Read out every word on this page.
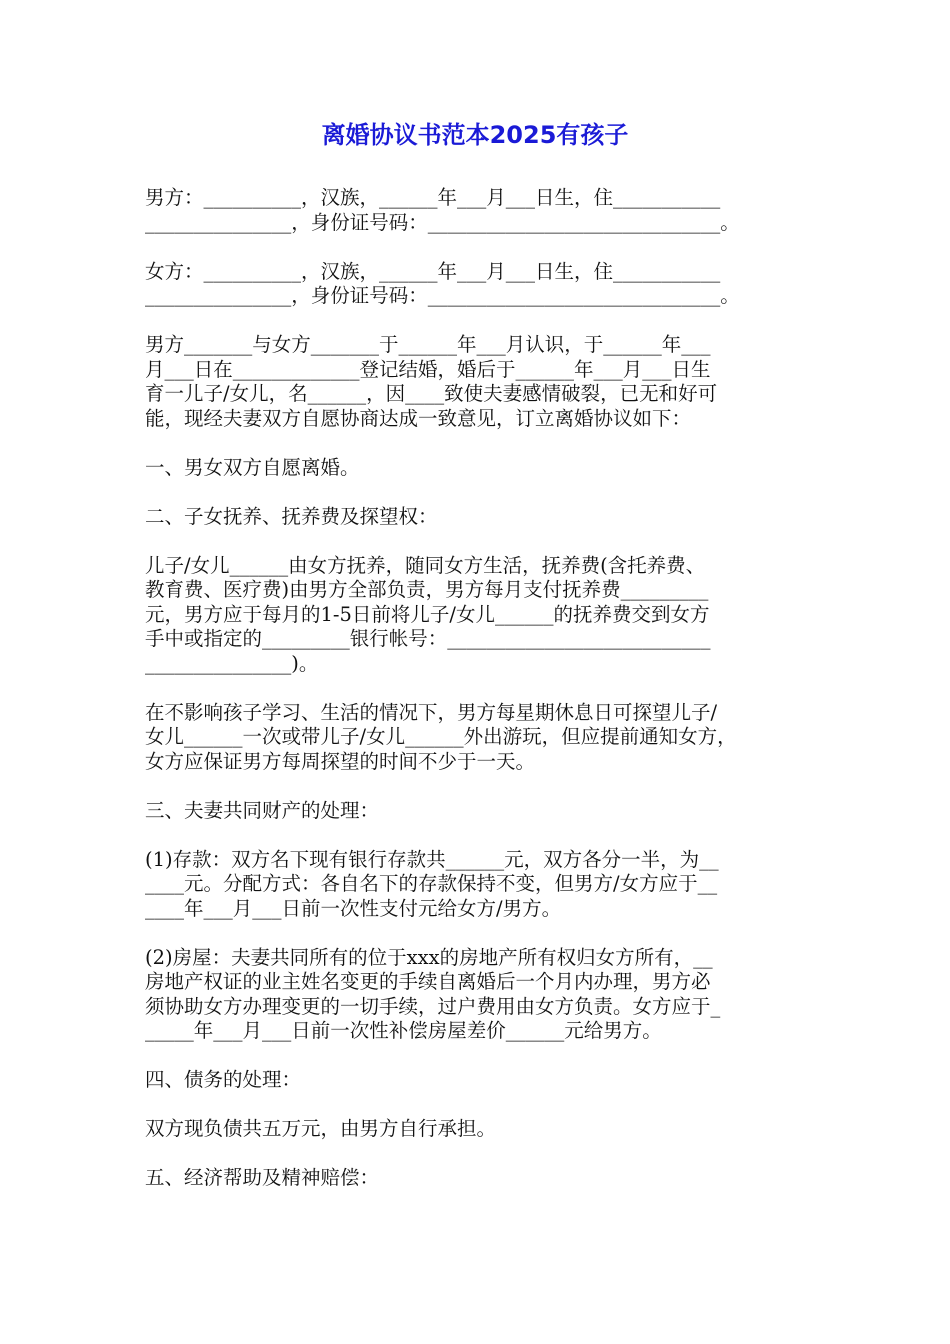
离婚协议书范本2025有孩子

男方：__________，汉族，______年___月___日生，住___________
_______________，身份证号码：______________________________。

女方：__________，汉族，______年___月___日生，住___________
_______________，身份证号码：______________________________。

男方_______与女方_______于______年___月认识，于______年___
月___日在_____________登记结婚，婚后于______年___月___日生
育一儿子/女儿，名______，因____致使夫妻感情破裂，已无和好可
能，现经夫妻双方自愿协商达成一致意见，订立离婚协议如下：

一、男女双方自愿离婚。

二、子女抚养、抚养费及探望权：

儿子/女儿______由女方抚养，随同女方生活，抚养费(含托养费、
教育费、医疗费)由男方全部负责，男方每月支付抚养费_________
元，男方应于每月的1-5日前将儿子/女儿______的抚养费交到女方
手中或指定的_________银行帐号：___________________________
_______________)。

在不影响孩子学习、生活的情况下，男方每星期休息日可探望儿子/
女儿______一次或带儿子/女儿______外出游玩，但应提前通知女方，
女方应保证男方每周探望的时间不少于一天。

三、夫妻共同财产的处理：

(1)存款：双方名下现有银行存款共______元，双方各分一半，为__
____元。分配方式：各自名下的存款保持不变，但男方/女方应于__
____年___月___日前一次性支付元给女方/男方。

(2)房屋：夫妻共同所有的位于xxx的房地产所有权归女方所有，__
房地产权证的业主姓名变更的手续自离婚后一个月内办理，男方必
须协助女方办理变更的一切手续，过户费用由女方负责。女方应于_
_____年___月___日前一次性补偿房屋差价______元给男方。

四、债务的处理：

双方现负债共五万元，由男方自行承担。

五、经济帮助及精神赔偿：
